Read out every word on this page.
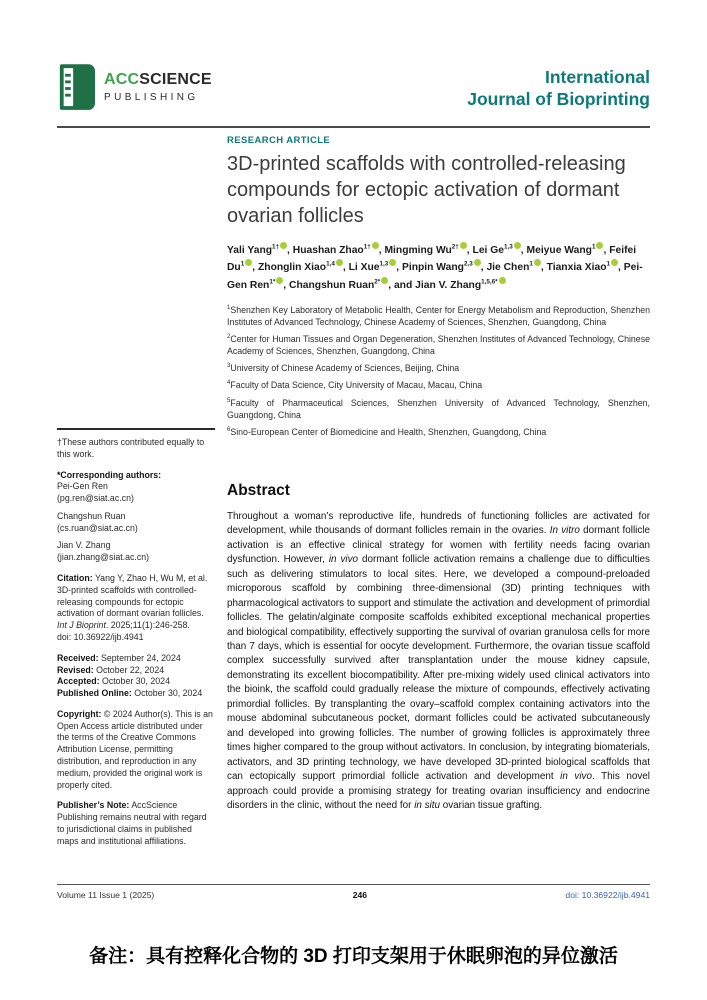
ACCSCIENCE
PUBLISHING
International
Journal of Bioprinting
†These authors contributed equally to this work.
*Corresponding authors:
Pei-Gen Ren
(pg.ren@siat.ac.cn)
Changshun Ruan
(cs.ruan@siat.ac.cn)
Jian V. Zhang
(jian.zhang@siat.ac.cn)
Citation: Yang Y, Zhao H, Wu M, et al. 3D-printed scaffolds with controlled-releasing compounds for ectopic activation of dormant ovarian follicles. Int J Bioprint. 2025;11(1):246-258.
doi: 10.36922/ijb.4941
Received: September 24, 2024
Revised: October 22, 2024
Accepted: October 30, 2024
Published Online: October 30, 2024
Copyright: © 2024 Author(s). This is an Open Access article distributed under the terms of the Creative Commons Attribution License, permitting distribution, and reproduction in any medium, provided the original work is properly cited.
Publisher’s Note: AccScience Publishing remains neutral with regard to jurisdictional claims in published maps and institutional affiliations.
RESEARCH ARTICLE
3D-printed scaffolds with controlled-releasing compounds for ectopic activation of dormant ovarian follicles
Yali Yang$^{1\dagger}$ , Huashan Zhao$^{1\dagger}$ , Mingming $Wu^{2\dagger}$ , Lei Ge$^{1,3}$ , Meiyue Wang$^1$ , Feifei Du$^1$ , Zhonglin Xiao$^{1,4}$ , Li Xue$^{1,3}$ , Pinpin Wang$^{2,3}$ , Jie Chen$^1$ , Tianxia Xiao$^1$ , Pei-Gen Ren$^{1*}$ , Changshun Ruan$^{2*}$ , and Jian V. Zhang$^{1,5,6*}$

$^1$Shenzhen Key Laboratory of Metabolic Health, Center for Energy Metabolism and Reproduction, Shenzhen Institutes of Advanced Technology, Chinese Academy of Sciences, Shenzhen, Guangdong, China

$^2$Center for Human Tissues and Organ Degeneration, Shenzhen Institutes of Advanced Technology, Chinese Academy of Sciences, Shenzhen, Guangdong, China

$^3$University of Chinese Academy of Sciences, Beijing, China

$^4$Faculty of Data Science, City University of Macau, Macau, China

$^5$Faculty of Pharmaceutical Sciences, Shenzhen University of Advanced Technology, Shenzhen, Guangdong, China

$^6$Sino-European Center of Biomedicine and Health, Shenzhen, Guangdong, China

Abstract
Throughout a woman’s reproductive life, hundreds of functioning follicles are activated for development, while thousands of dormant follicles remain in the ovaries. In vitro dormant follicle activation is an effective clinical strategy for women with fertility needs facing ovarian dysfunction. However, in vivo dormant follicle activation remains a challenge due to difficulties such as delivering stimulators to local sites. Here, we developed a compound-preloaded microporous scaffold by combining three-dimensional (3D) printing techniques with pharmacological activators to support and stimulate the activation and development of primordial follicles. The gelatin/alginate composite scaffolds exhibited exceptional mechanical properties and biological compatibility, effectively supporting the survival of ovarian granulosa cells for more than 7 days, which is essential for oocyte development. Furthermore, the ovarian tissue scaffold complex successfully survived after transplantation under the mouse kidney capsule, demonstrating its excellent biocompatibility. After pre-mixing widely used clinical activators into the bioink, the scaffold could gradually release the mixture of compounds, effectively activating primordial follicles. By transplanting the ovary–scaffold complex containing activators into the mouse abdominal subcutaneous pocket, dormant follicles could be activated subcutaneously and developed into growing follicles. The number of growing follicles is approximately three times higher compared to the group without activators. In conclusion, by integrating biomaterials, activators, and 3D printing technology, we have developed 3D-printed biological scaffolds that can ectopically support primordial follicle activation and development in vivo. This novel approach could provide a promising strategy for treating ovarian insufficiency and endocrine disorders in the clinic, without the need for in situ ovarian tissue grafting.
Volume 11 Issue 1 (2025)	246	doi: 10.36922/ijb.4941
备注：具有控释化合物的 3D 打印支架用于休眠卵泡的异位激活
